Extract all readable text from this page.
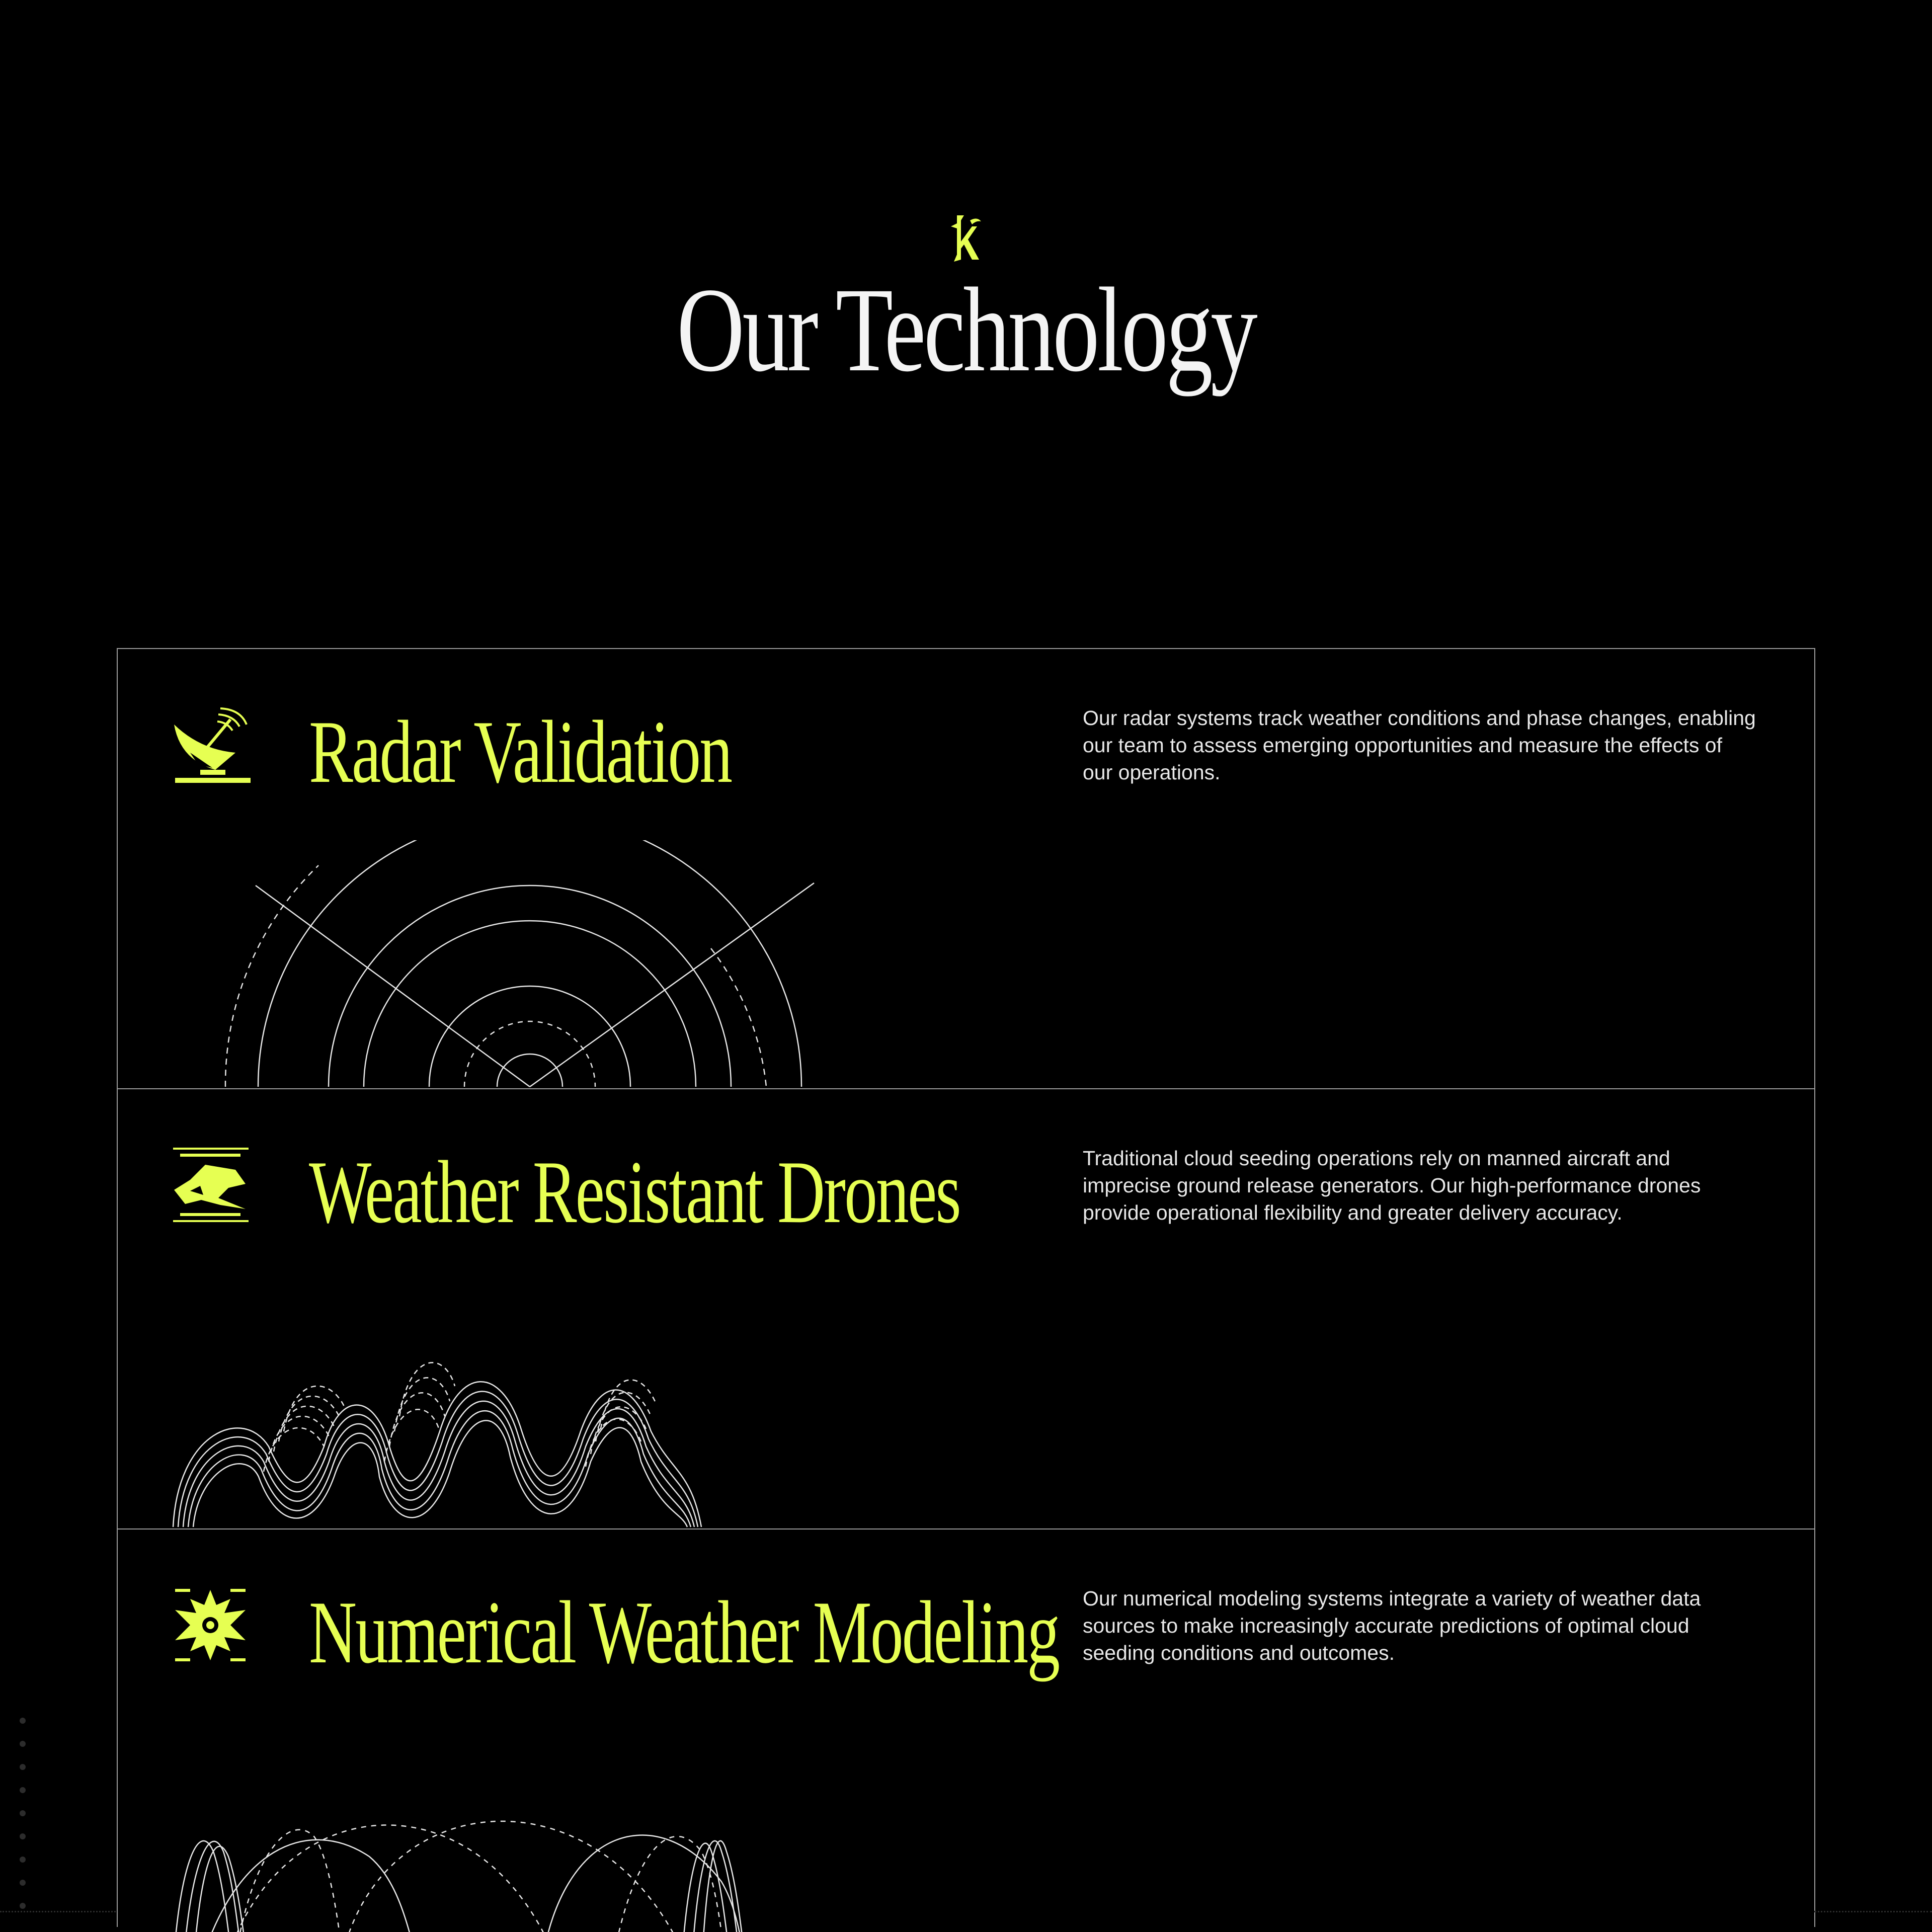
Our Technology
Radar Validation	Our radar systems track weather conditions and phase changes, enabling our team to assess emerging opportunities and measure the effects of our operations.
Weather Resistant Drones	Traditional cloud seeding operations rely on manned aircraft and imprecise ground release generators. Our high-performance drones provide operational flexibility and greater delivery accuracy.
Numerical Weather Modeling Our numerical modeling systems integrate a variety of weather data sources to make increasingly accurate predictions of optimal cloud seeding conditions and outcomes.
